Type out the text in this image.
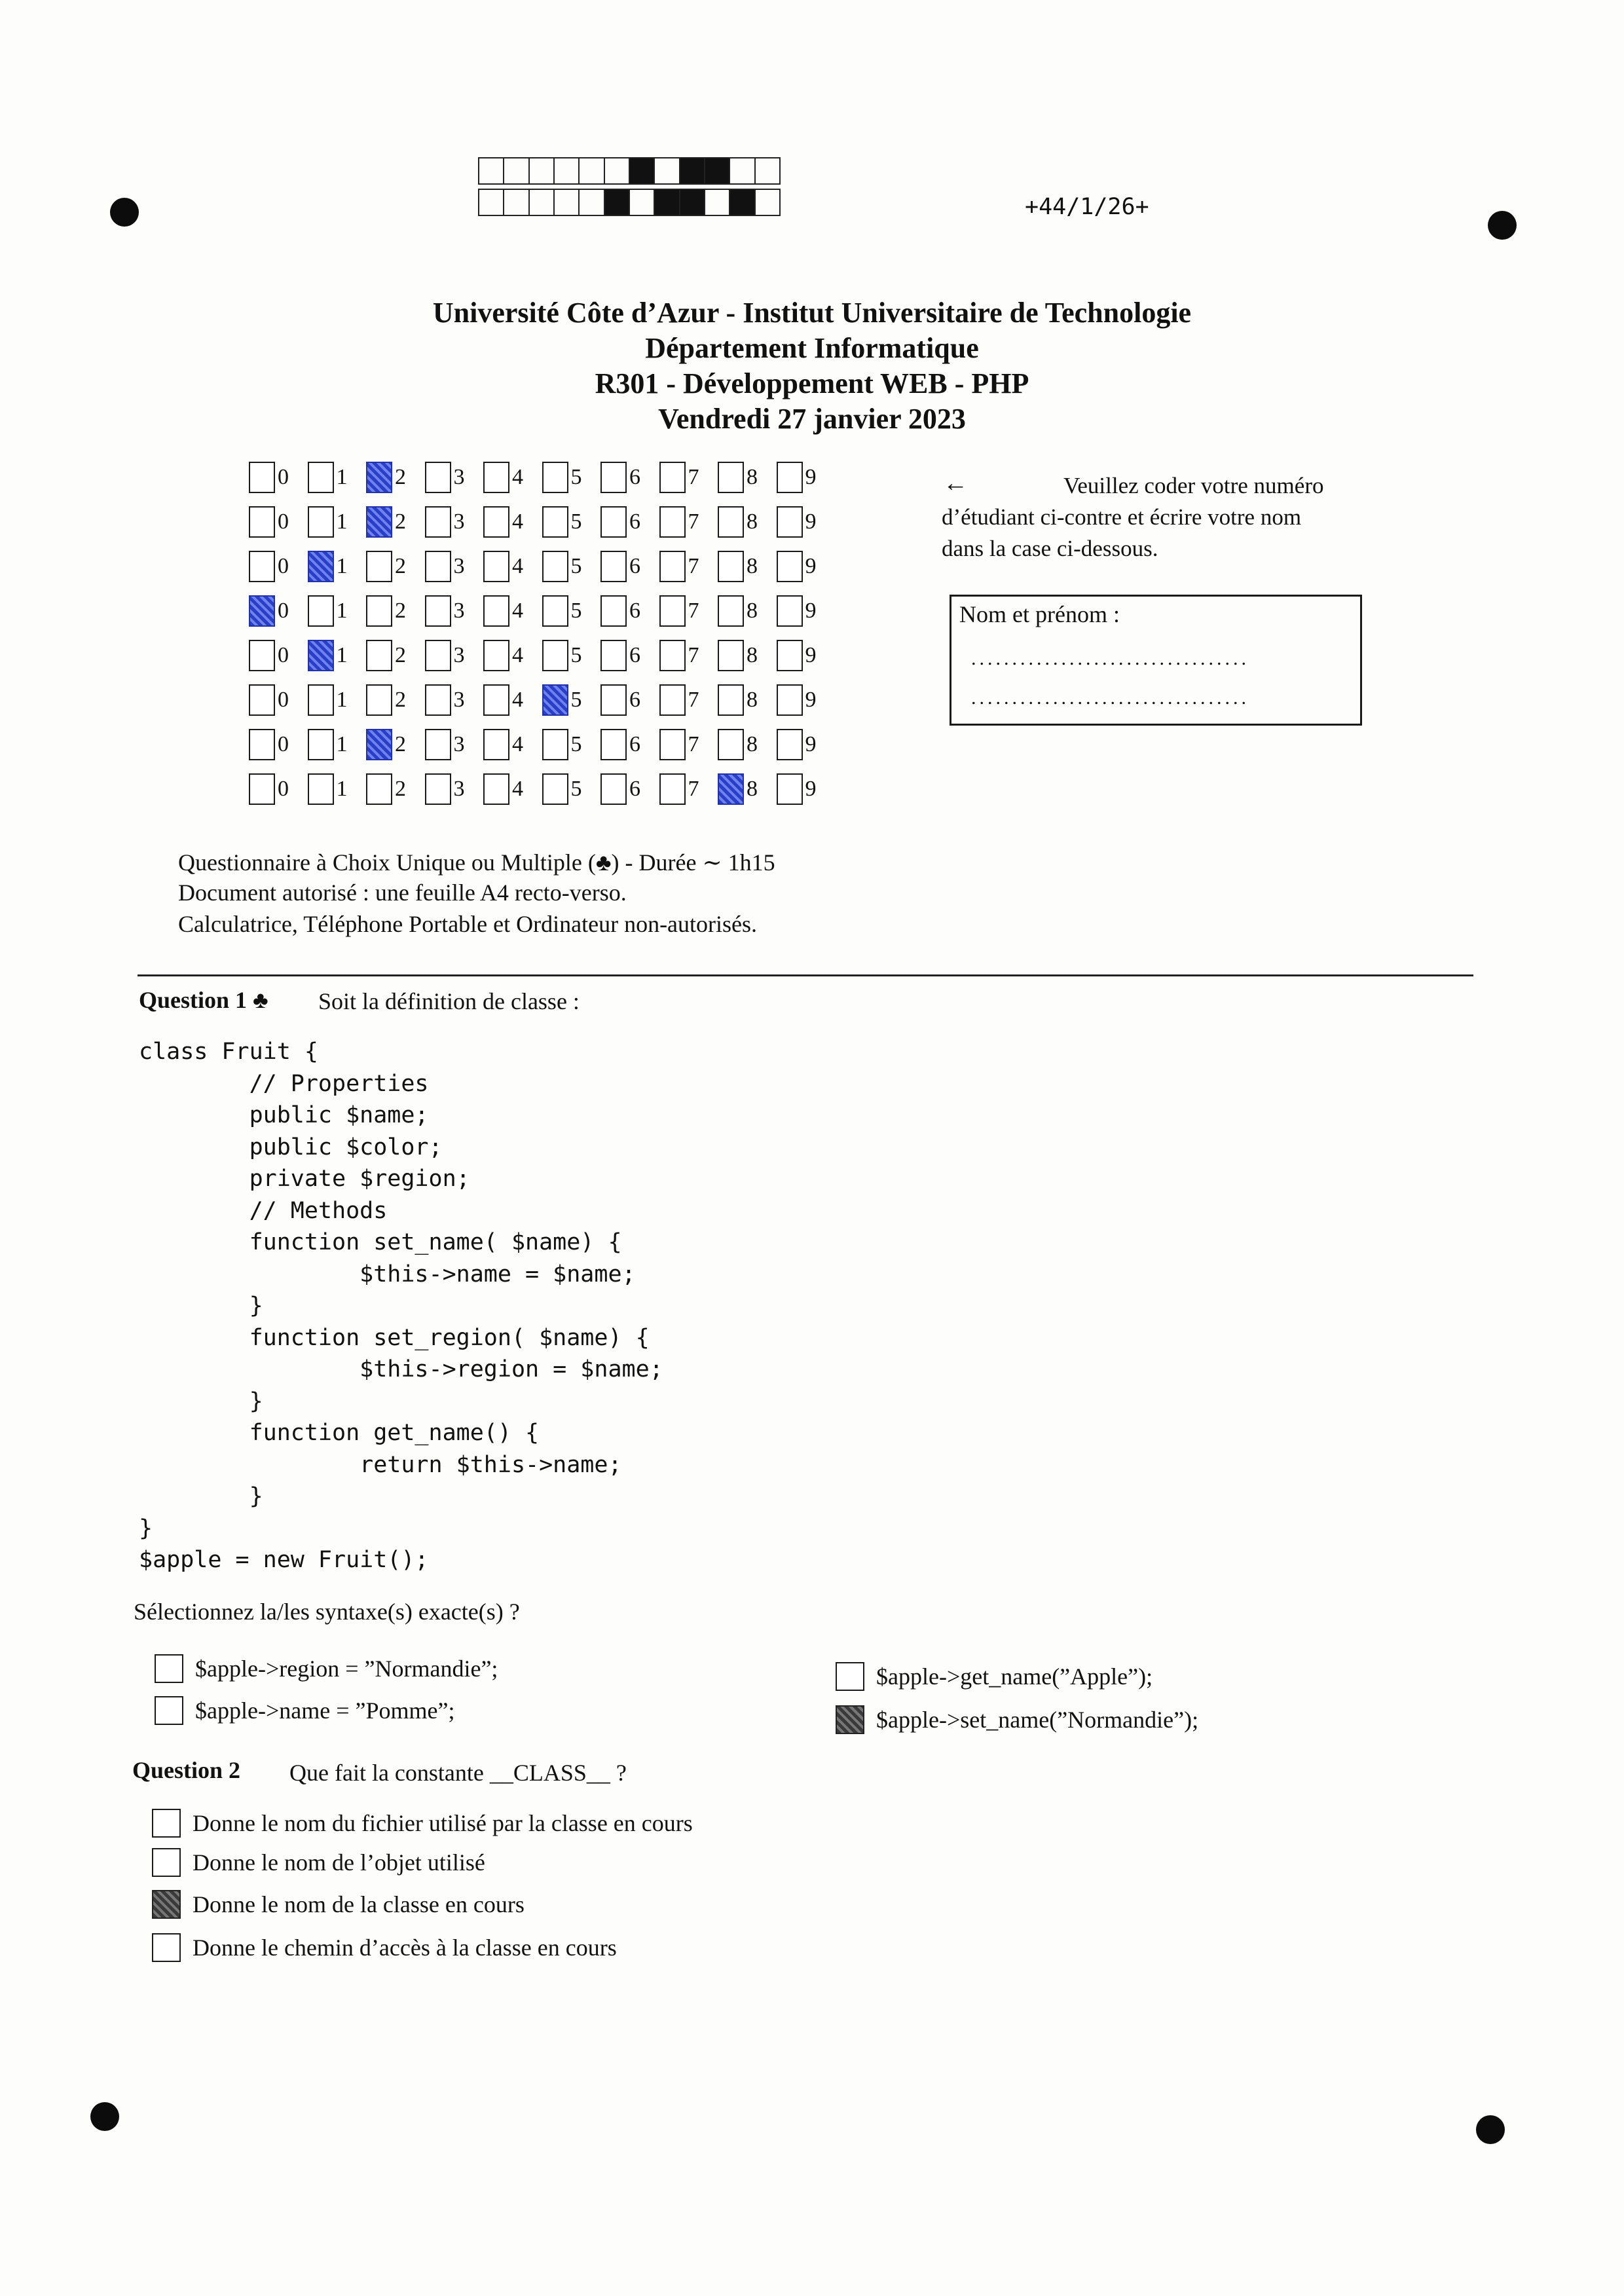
+44/1/26+
Université Côte d’Azur - Institut Universitaire de Technologie
Département Informatique
R301 - Développement WEB - PHP
Vendredi 27 janvier 2023
0 1 2 3 4 5 6 7 8 9
0 1 2 3 4 5 6 7 8 9
0 1 2 3 4 5 6 7 8 9
0 1 2 3 4 5 6 7 8 9
0 1 2 3 4 5 6 7 8 9
0 1 2 3 4 5 6 7 8 9
0 1 2 3 4 5 6 7 8 9
0 1 2 3 4 5 6 7 8 9
←	Veuillez coder votre numéro
d’étudiant ci-contre et écrire votre nom
dans la case ci-dessous.
Nom et prénom :
..................................
..................................
Questionnaire à Choix Unique ou Multiple (♣) - Durée ∼ 1h15
Document autorisé : une feuille A4 recto-verso.
Calculatrice, Téléphone Portable et Ordinateur non-autorisés.
Question 1 ♣ Soit la définition de classe :
class Fruit {
// Properties
public $name;
public $color;
private $region;
// Methods
function set_name( $name) {
$this->name = $name;
}
function set_region( $name) {
$this->region = $name;
}
function get_name() {
return $this->name;
}
}
$apple = new Fruit();
Sélectionnez la/les syntaxe(s) exacte(s) ?
$apple->region = ”Normandie”;
$apple->name = ”Pomme”;
$apple->get_name(”Apple”);
$apple->set_name(”Normandie”);
Question 2 Que fait la constante __CLASS__ ?
Donne le nom du fichier utilisé par la classe en cours
Donne le nom de l’objet utilisé
Donne le nom de la classe en cours
Donne le chemin d’accès à la classe en cours
